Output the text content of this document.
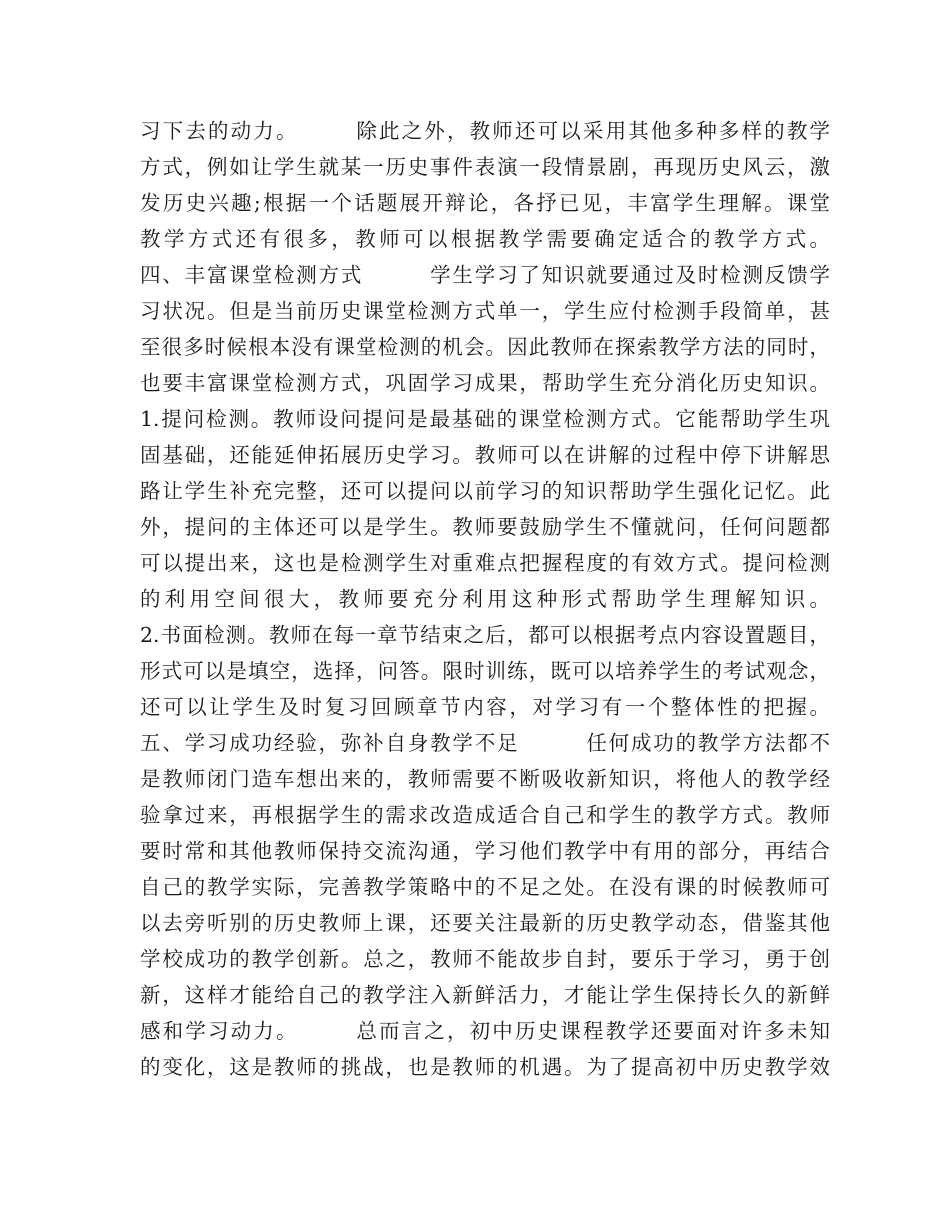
习下去的动力。　　　除此之外，教师还可以采用其他多种多样的教学
方式，例如让学生就某一历史事件表演一段情景剧，再现历史风云，激
发历史兴趣;根据一个话题展开辩论，各抒已见，丰富学生理解。课堂
教学方式还有很多，教师可以根据教学需要确定适合的教学方式。
四、丰富课堂检测方式　　　学生学习了知识就要通过及时检测反馈学
习状况。但是当前历史课堂检测方式单一，学生应付检测手段简单，甚
至很多时候根本没有课堂检测的机会。因此教师在探索教学方法的同时，
也要丰富课堂检测方式，巩固学习成果，帮助学生充分消化历史知识。
1.提问检测。教师设问提问是最基础的课堂检测方式。它能帮助学生巩
固基础，还能延伸拓展历史学习。教师可以在讲解的过程中停下讲解思
路让学生补充完整，还可以提问以前学习的知识帮助学生强化记忆。此
外，提问的主体还可以是学生。教师要鼓励学生不懂就问，任何问题都
可以提出来，这也是检测学生对重难点把握程度的有效方式。提问检测
的利用空间很大，教师要充分利用这种形式帮助学生理解知识。
2.书面检测。教师在每一章节结束之后，都可以根据考点内容设置题目，
形式可以是填空，选择，问答。限时训练，既可以培养学生的考试观念，
还可以让学生及时复习回顾章节内容，对学习有一个整体性的把握。
五、学习成功经验，弥补自身教学不足　　　任何成功的教学方法都不
是教师闭门造车想出来的，教师需要不断吸收新知识，将他人的教学经
验拿过来，再根据学生的需求改造成适合自己和学生的教学方式。教师
要时常和其他教师保持交流沟通，学习他们教学中有用的部分，再结合
自己的教学实际，完善教学策略中的不足之处。在没有课的时候教师可
以去旁听别的历史教师上课，还要关注最新的历史教学动态，借鉴其他
学校成功的教学创新。总之，教师不能故步自封，要乐于学习，勇于创
新，这样才能给自己的教学注入新鲜活力，才能让学生保持长久的新鲜
感和学习动力。　　　总而言之，初中历史课程教学还要面对许多未知
的变化，这是教师的挑战，也是教师的机遇。为了提高初中历史教学效
